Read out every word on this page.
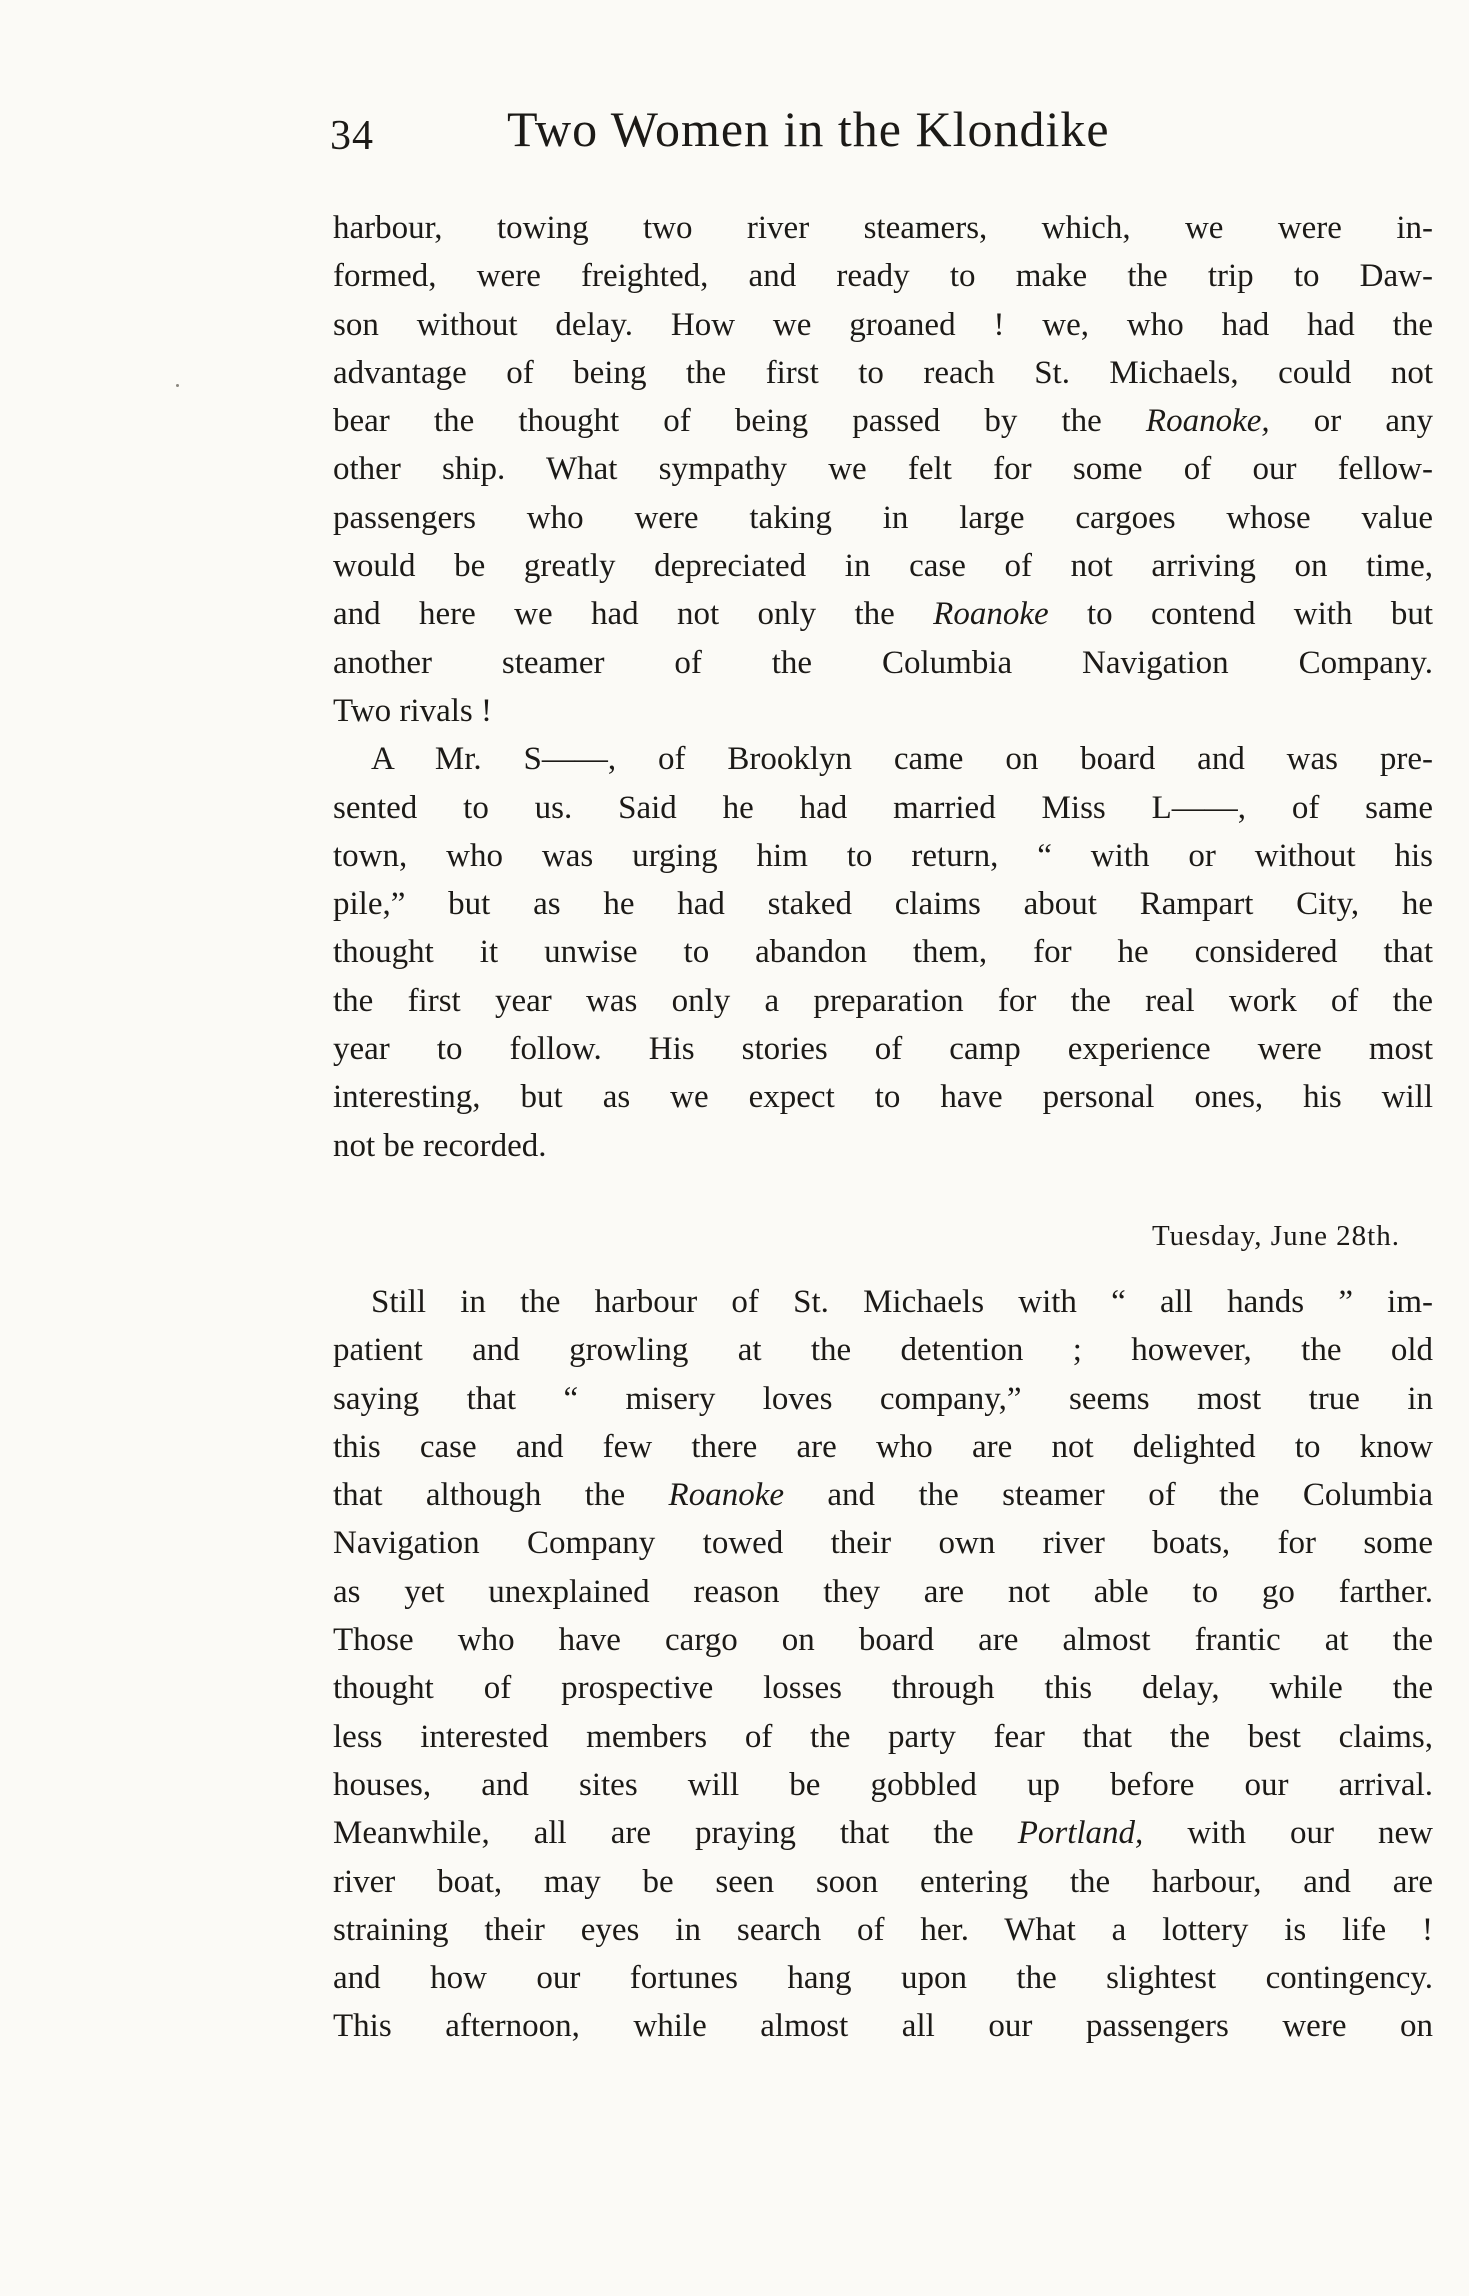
34	Two Women in the Klondike
harbour, towing two river steamers, which, we were in-
formed, were freighted, and ready to make the trip to Daw-
son without delay. How we groaned ! we, who had had the
advantage of being the first to reach St. Michaels, could not
bear the thought of being passed by the Roanoke, or any
other ship. What sympathy we felt for some of our fellow-
passengers who were taking in large cargoes whose value
would be greatly depreciated in case of not arriving on time,
and here we had not only the Roanoke to contend with but
another steamer of the Columbia Navigation Company.
Two rivals !
A Mr. S——, of Brooklyn came on board and was pre-
sented to us. Said he had married Miss L——, of same
town, who was urging him to return, “ with or without his
pile,” but as he had staked claims about Rampart City, he
thought it unwise to abandon them, for he considered that
the first year was only a preparation for the real work of the
year to follow. His stories of camp experience were most
interesting, but as we expect to have personal ones, his will
not be recorded.
Tuesday, June 28th.
Still in the harbour of St. Michaels with “ all hands ” im-
patient and growling at the detention ; however, the old
saying that “ misery loves company,” seems most true in
this case and few there are who are not delighted to know
that although the Roanoke and the steamer of the Columbia
Navigation Company towed their own river boats, for some
as yet unexplained reason they are not able to go farther.
Those who have cargo on board are almost frantic at the
thought of prospective losses through this delay, while the
less interested members of the party fear that the best claims,
houses, and sites will be gobbled up before our arrival.
Meanwhile, all are praying that the Portland, with our new
river boat, may be seen soon entering the harbour, and are
straining their eyes in search of her. What a lottery is life !
and how our fortunes hang upon the slightest contingency.
This afternoon, while almost all our passengers were on
